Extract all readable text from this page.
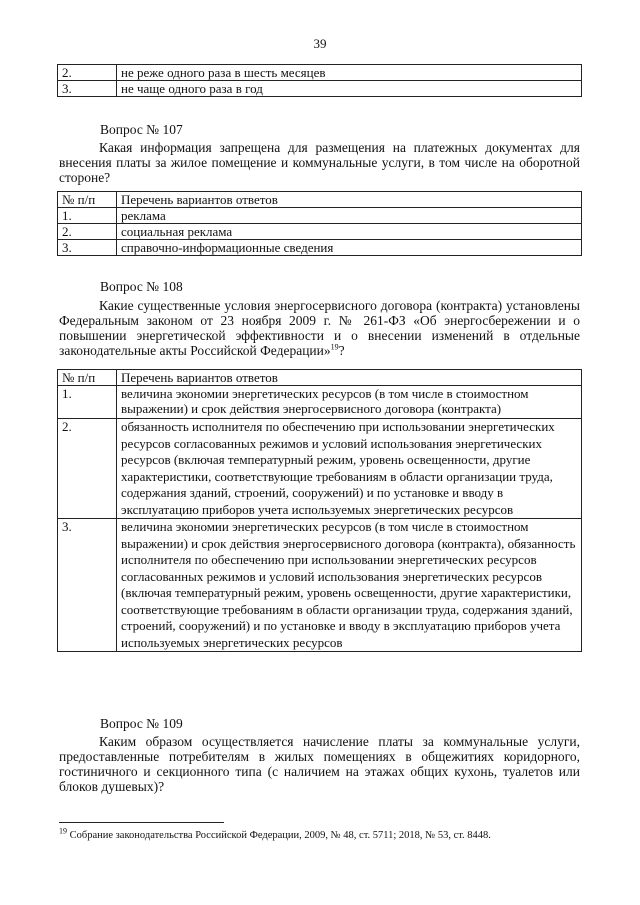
39
2.	не реже одного раза в шесть месяцев
3.	не чаще одного раза в год
Вопрос № 107

Какая информация запрещена для размещения на платежных документах для внесения платы за жилое помещение и коммунальные услуги, в том числе на оборотной стороне?

№ п/п	Перечень вариантов ответов
1.	реклама
2.	социальная реклама
3.	справочно-информационные сведения
Вопрос № 108

Какие существенные условия энергосервисного договора (контракта) установлены Федеральным законом от 23 ноября 2009 г. № 261-ФЗ «Об энергосбережении и о повышении энергетической эффективности и о внесении изменений в отдельные законодательные акты Российской Федерации»$^{19}$?

№ п/п	Перечень вариантов ответов
1.	величина экономии энергетических ресурсов (в том числе в стоимостном выражении) и срок действия энергосервисного договора (контракта)
2.	обязанность исполнителя по обеспечению при использовании энергетических ресурсов согласованных режимов и условий использования энергетических ресурсов (включая температурный режим, уровень освещенности, другие характеристики, соответствующие требованиям в области организации труда, содержания зданий, строений, сооружений) и по установке и вводу в эксплуатацию приборов учета используемых энергетических ресурсов
3.	величина экономии энергетических ресурсов (в том числе в стоимостном выражении) и срок действия энергосервисного договора (контракта), обязанность исполнителя по обеспечению при использовании энергетических ресурсов согласованных режимов и условий использования энергетических ресурсов (включая температурный режим, уровень освещенности, другие характеристики, соответствующие требованиям в области организации труда, содержания зданий, строений, сооружений) и по установке и вводу в эксплуатацию приборов учета используемых энергетических ресурсов
Вопрос № 109

Каким образом осуществляется начисление платы за коммунальные услуги, предоставленные потребителям в жилых помещениях в общежитиях коридорного, гостиничного и секционного типа (с наличием на этажах общих кухонь, туалетов или блоков душевых)?

$^{19}$ Собрание законодательства Российской Федерации, 2009, № 48, ст. 5711; 2018, № 53, ст. 8448.
